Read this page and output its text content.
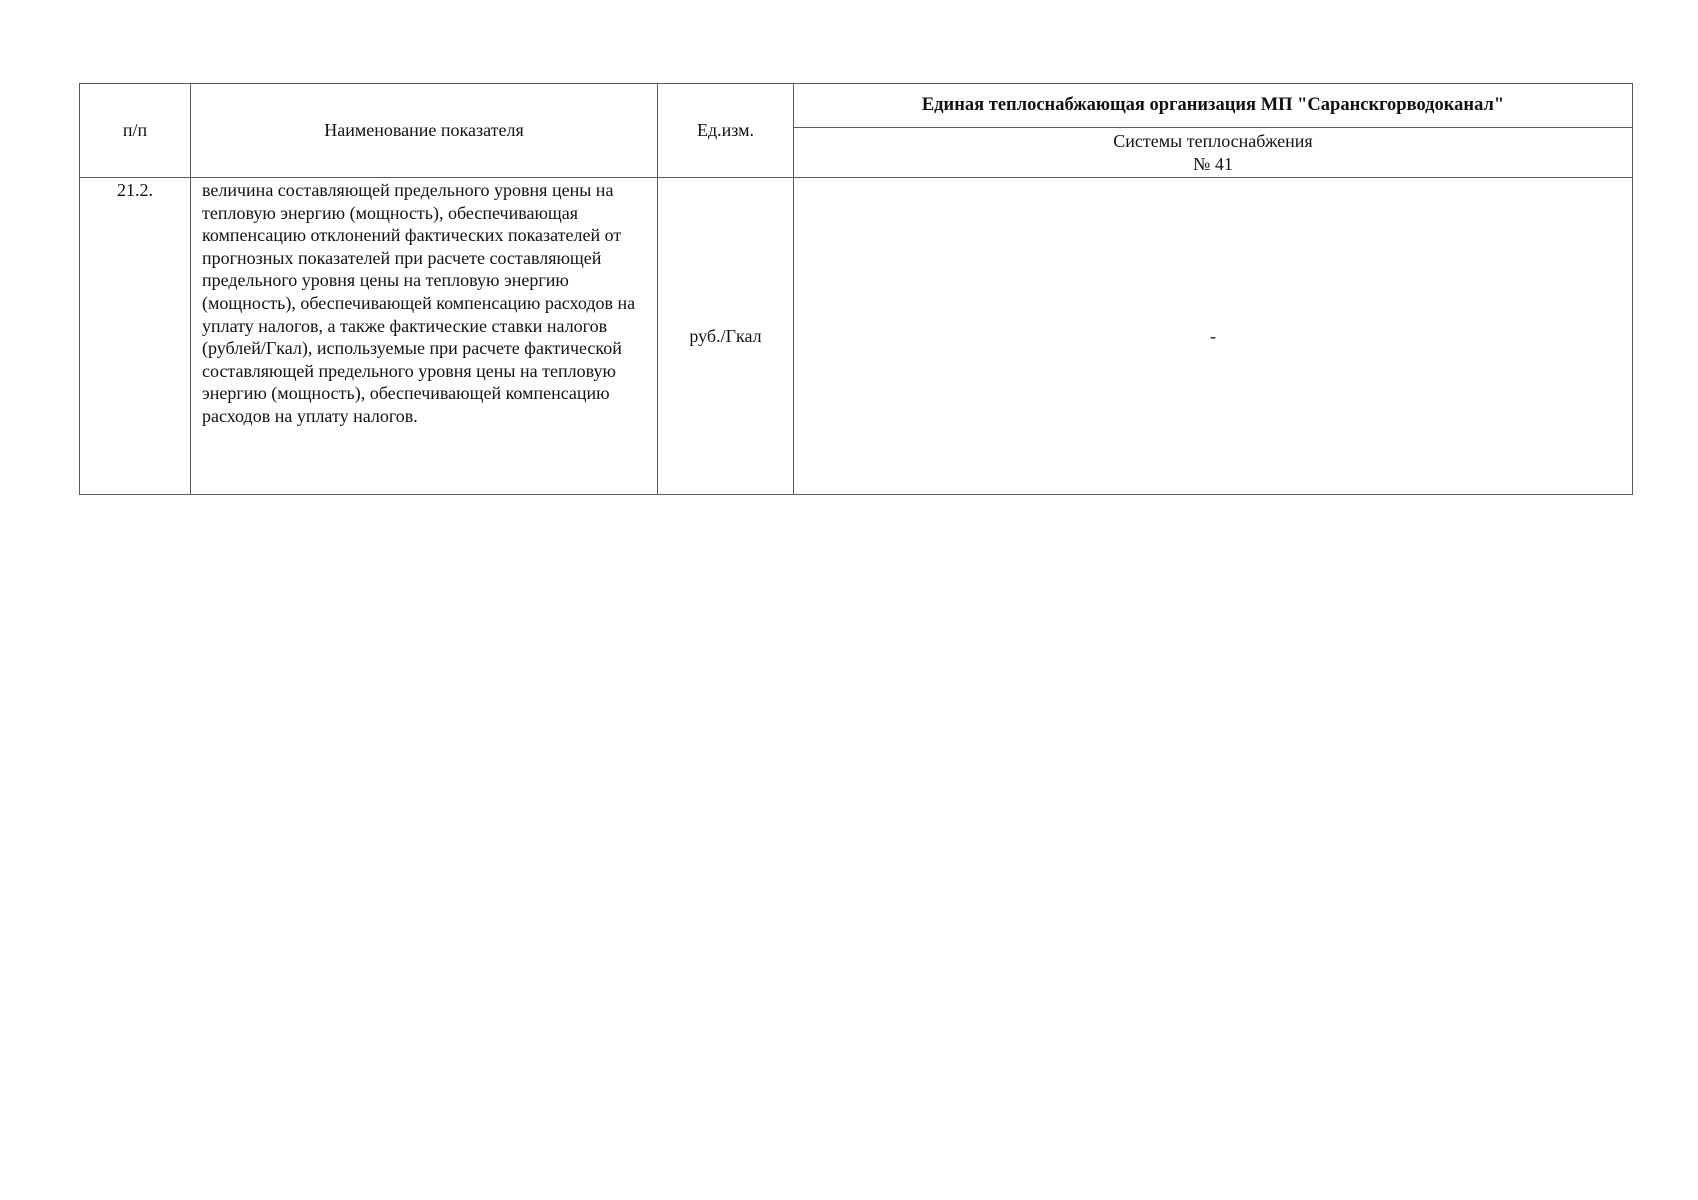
п/п	Наименование показателя	Ед.изм.	Единая теплоснабжающая организация МП "Саранскгорводоканал"

			Системы теплоснабжения
№ 41

21.2.	величина составляющей предельного уровня цены на тепловую энергию (мощность), обеспечивающая компенсацию отклонений фактических показателей от прогнозных показателей при расчете составляющей предельного уровня цены на тепловую энергию (мощность), обеспечивающей компенсацию расходов на уплату налогов, а также фактические ставки налогов (рублей/Гкал), используемые при расчете фактической составляющей предельного уровня цены на тепловую энергию (мощность), обеспечивающей компенсацию расходов на уплату налогов.	руб./Гкал	-
